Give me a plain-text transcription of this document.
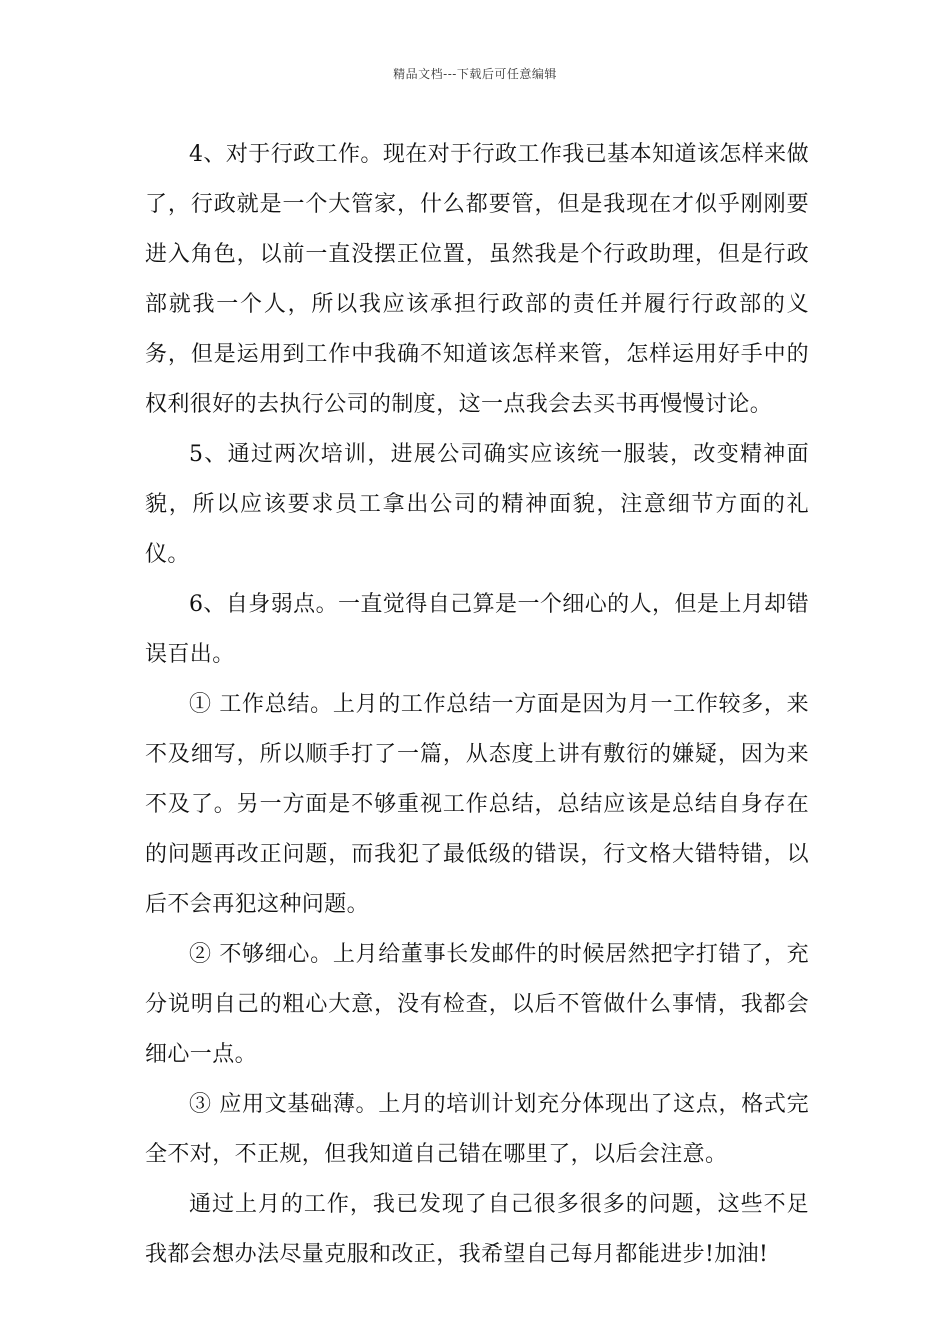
精品文档---下载后可任意编辑

4、对于行政工作。现在对于行政工作我已基本知道该怎样来做了，行政就是一个大管家，什么都要管，但是我现在才似乎刚刚要进入角色，以前一直没摆正位置，虽然我是个行政助理，但是行政部就我一个人，所以我应该承担行政部的责任并履行行政部的义务，但是运用到工作中我确不知道该怎样来管，怎样运用好手中的权利很好的去执行公司的制度，这一点我会去买书再慢慢讨论。

5、通过两次培训，进展公司确实应该统一服装，改变精神面貌，所以应该要求员工拿出公司的精神面貌，注意细节方面的礼仪。

6、自身弱点。一直觉得自己算是一个细心的人，但是上月却错误百出。

① 工作总结。上月的工作总结一方面是因为月一工作较多，来不及细写，所以顺手打了一篇，从态度上讲有敷衍的嫌疑，因为来不及了。另一方面是不够重视工作总结，总结应该是总结自身存在的问题再改正问题，而我犯了最低级的错误，行文格大错特错，以后不会再犯这种问题。

② 不够细心。上月给董事长发邮件的时候居然把字打错了，充分说明自己的粗心大意，没有检查，以后不管做什么事情，我都会细心一点。

③ 应用文基础薄。上月的培训计划充分体现出了这点，格式完全不对，不正规，但我知道自己错在哪里了，以后会注意。

通过上月的工作，我已发现了自己很多很多的问题，这些不足我都会想办法尽量克服和改正，我希望自己每月都能进步!加油!
